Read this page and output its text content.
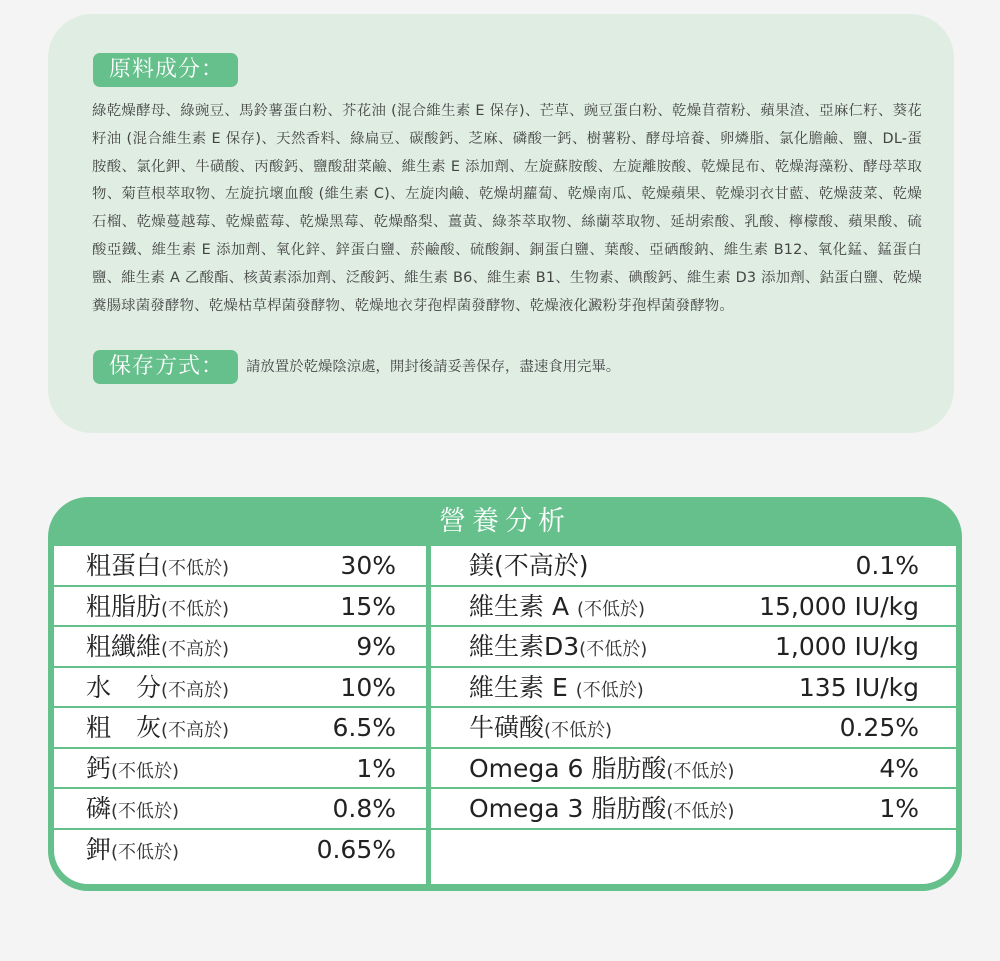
原料成分：

綠乾燥酵母、綠豌豆、馬鈴薯蛋白粉、芥花油 (混合維生素 E 保存)、芒草、豌豆蛋白粉、乾燥苜蓿粉、蘋果渣、亞麻仁籽、葵花籽油 (混合維生素 E 保存)、天然香料、綠扁豆、碳酸鈣、芝麻、磷酸一鈣、樹薯粉、酵母培養、卵燐脂、氯化膽鹼、鹽、DL-蛋胺酸、氯化鉀、牛磺酸、丙酸鈣、鹽酸甜菜鹼、維生素 E 添加劑、左旋蘇胺酸、左旋離胺酸、乾燥昆布、乾燥海藻粉、酵母萃取物、菊苣根萃取物、左旋抗壞血酸 (維生素 C)、左旋肉鹼、乾燥胡蘿蔔、乾燥南瓜、乾燥蘋果、乾燥羽衣甘藍、乾燥菠菜、乾燥石榴、乾燥蔓越莓、乾燥藍莓、乾燥黑莓、乾燥酪梨、薑黃、綠茶萃取物、絲蘭萃取物、延胡索酸、乳酸、檸檬酸、蘋果酸、硫酸亞鐵、維生素 E 添加劑、氧化鋅、鋅蛋白鹽、菸鹼酸、硫酸銅、銅蛋白鹽、葉酸、亞硒酸鈉、維生素 B12、氧化錳、錳蛋白鹽、維生素 A 乙酸酯、核黃素添加劑、泛酸鈣、維生素 B6、維生素 B1、生物素、碘酸鈣、維生素 D3 添加劑、鈷蛋白鹽、乾燥糞腸球菌發酵物、乾燥枯草桿菌發酵物、乾燥地衣芽孢桿菌發酵物、乾燥液化澱粉芽孢桿菌發酵物。

保存方式：	請放置於乾燥陰涼處，開封後請妥善保存，盡速食用完畢。
營養分析
粗蛋白(不低於)	30%
粗脂肪(不低於)	15%
粗纖維(不高於)	9%
水　分(不高於)	10%
粗　灰(不高於)	6.5%
鈣(不低於)	1%
磷(不低於)	0.8%
鉀(不低於)	0.65%
鎂(不高於)	0.1%
維生素 A (不低於)	15,000 IU/kg
維生素D3(不低於)	1,000 IU/kg
維生素 E (不低於)	135 IU/kg
牛磺酸(不低於)	0.25%
Omega 6 脂肪酸(不低於)	4%
Omega 3 脂肪酸(不低於)	1%
